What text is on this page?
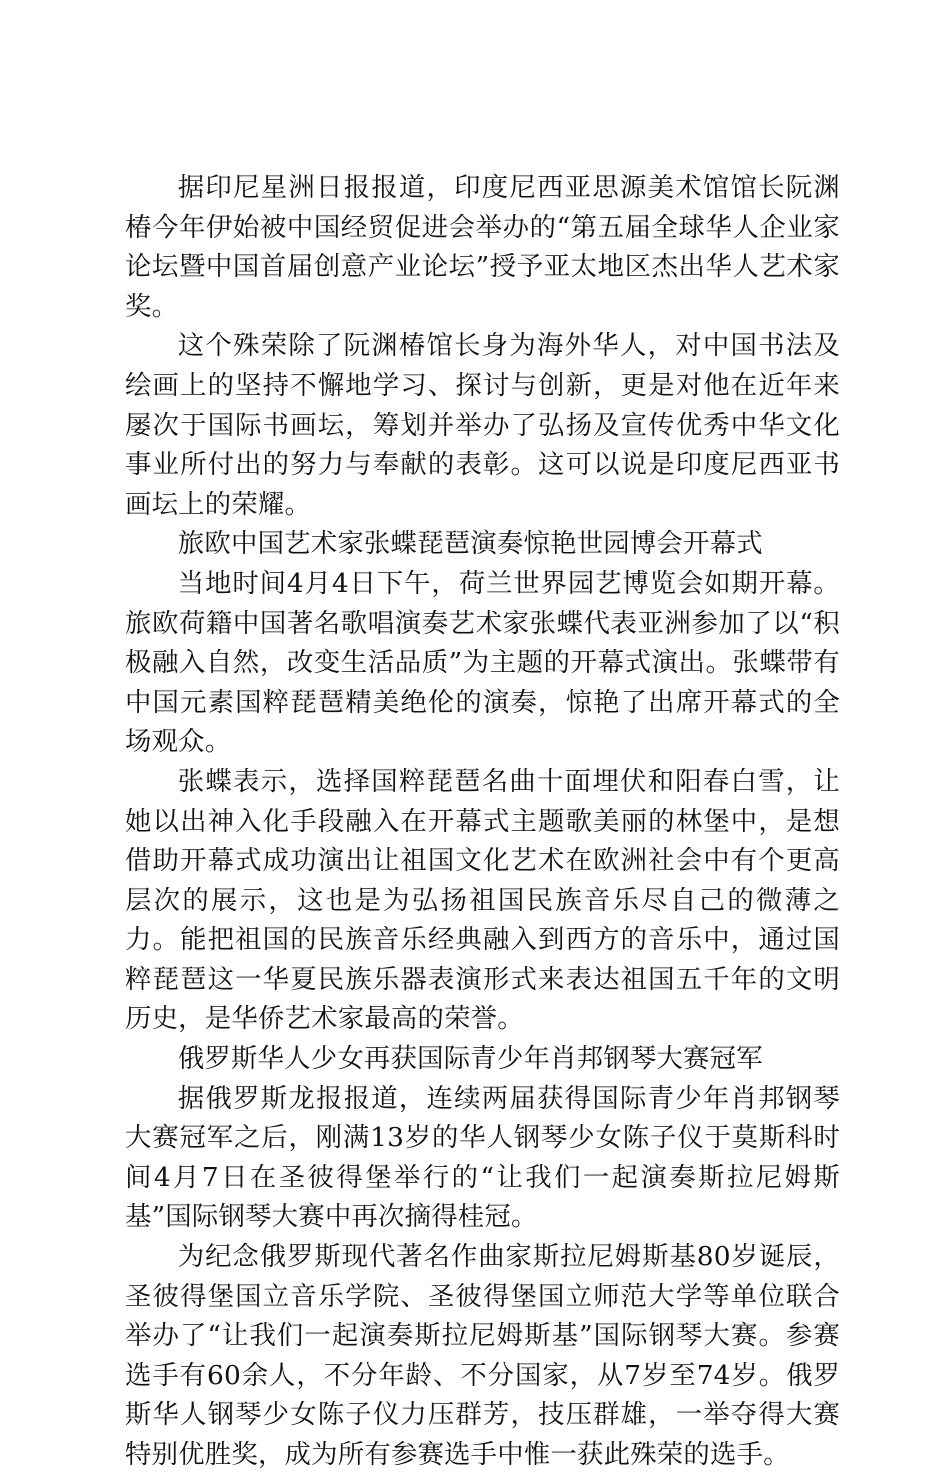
据印尼星洲日报报道，印度尼西亚思源美术馆馆长阮渊椿今年伊始被中国经贸促进会举办的“第五届全球华人企业家论坛暨中国首届创意产业论坛”授予亚太地区杰出华人艺术家奖。

这个殊荣除了阮渊椿馆长身为海外华人，对中国书法及绘画上的坚持不懈地学习、探讨与创新，更是对他在近年来屡次于国际书画坛，筹划并举办了弘扬及宣传优秀中华文化事业所付出的努力与奉献的表彰。这可以说是印度尼西亚书画坛上的荣耀。

旅欧中国艺术家张蝶琵琶演奏惊艳世园博会开幕式

当地时间4月4日下午，荷兰世界园艺博览会如期开幕。旅欧荷籍中国著名歌唱演奏艺术家张蝶代表亚洲参加了以“积极融入自然，改变生活品质”为主题的开幕式演出。张蝶带有中国元素国粹琵琶精美绝伦的演奏，惊艳了出席开幕式的全场观众。

张蝶表示，选择国粹琵琶名曲十面埋伏和阳春白雪，让她以出神入化手段融入在开幕式主题歌美丽的林堡中，是想借助开幕式成功演出让祖国文化艺术在欧洲社会中有个更高层次的展示，这也是为弘扬祖国民族音乐尽自己的微薄之力。能把祖国的民族音乐经典融入到西方的音乐中，通过国粹琵琶这一华夏民族乐器表演形式来表达祖国五千年的文明历史，是华侨艺术家最高的荣誉。

俄罗斯华人少女再获国际青少年肖邦钢琴大赛冠军

据俄罗斯龙报报道，连续两届获得国际青少年肖邦钢琴大赛冠军之后，刚满13岁的华人钢琴少女陈子仪于莫斯科时间4月7日在圣彼得堡举行的“让我们一起演奏斯拉尼姆斯基”国际钢琴大赛中再次摘得桂冠。

为纪念俄罗斯现代著名作曲家斯拉尼姆斯基80岁诞辰，圣彼得堡国立音乐学院、圣彼得堡国立师范大学等单位联合举办了“让我们一起演奏斯拉尼姆斯基”国际钢琴大赛。参赛选手有60余人，不分年龄、不分国家，从7岁至74岁。俄罗斯华人钢琴少女陈子仪力压群芳，技压群雄，一举夺得大赛特别优胜奖，成为所有参赛选手中惟一获此殊荣的选手。
